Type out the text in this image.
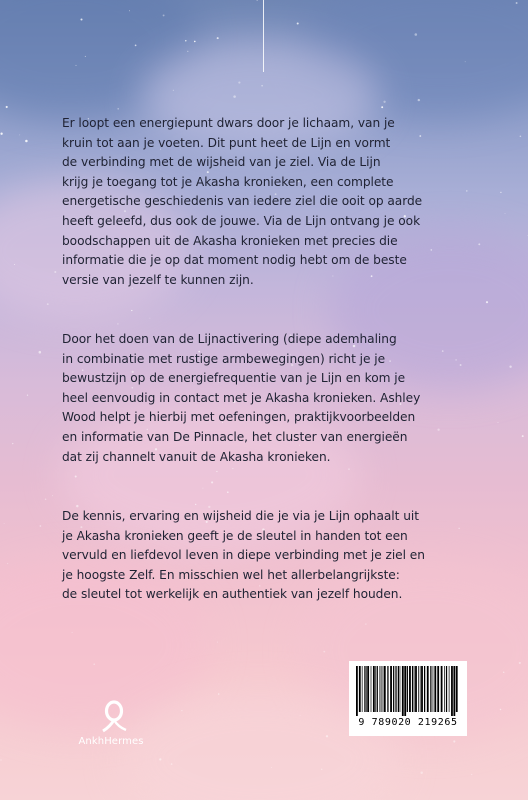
Er loopt een energiepunt dwars door je lichaam, van je
kruin tot aan je voeten. Dit punt heet de Lijn en vormt
de verbinding met de wijsheid van je ziel. Via de Lijn
krijg je toegang tot je Akasha kronieken, een complete
energetische geschiedenis van iedere ziel die ooit op aarde
heeft geleefd, dus ook de jouwe. Via de Lijn ontvang je ook
boodschappen uit de Akasha kronieken met precies die
informatie die je op dat moment nodig hebt om de beste
versie van jezelf te kunnen zijn.

Door het doen van de Lijnactivering (diepe ademhaling
in combinatie met rustige armbewegingen) richt je je
bewustzijn op de energiefrequentie van je Lijn en kom je
heel eenvoudig in contact met je Akasha kronieken. Ashley
Wood helpt je hierbij met oefeningen, praktijkvoorbeelden
en informatie van De Pinnacle, het cluster van energieën
dat zij channelt vanuit de Akasha kronieken.

De kennis, ervaring en wijsheid die je via je Lijn ophaalt uit
je Akasha kronieken geeft je de sleutel in handen tot een
vervuld en liefdevol leven in diepe verbinding met je ziel en
je hoogste Zelf. En misschien wel het allerbelangrijkste:
de sleutel tot werkelijk en authentiek van jezelf houden.

AnkhHermes
9 789020 219265
